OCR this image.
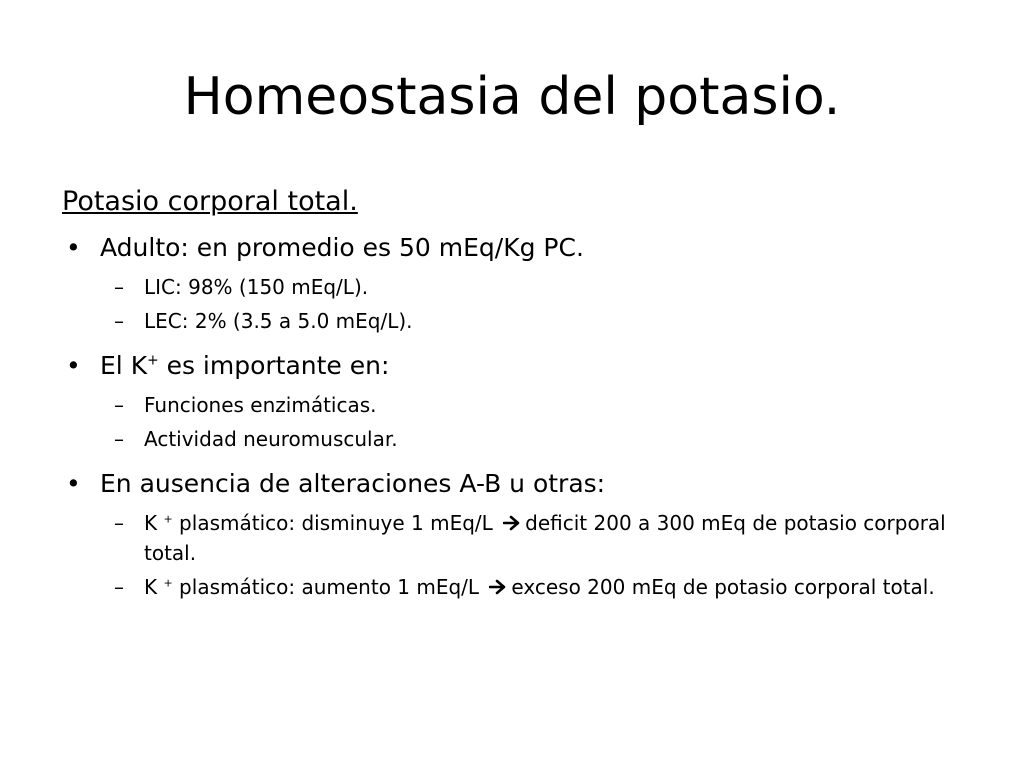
Homeostasia del potasio.
Potasio corporal total.
• Adulto: en promedio es 50 mEq/Kg PC.
– LIC: 98% (150 mEq/L).
– LEC: 2% (3.5 a 5.0 mEq/L).
• El K+ es importante en:
– Funciones enzimáticas.
– Actividad neuromuscular.
• En ausencia de alteraciones A-B u otras:
– K + plasmático: disminuye 1 mEq/L deficit 200 a 300 mEq de potasio corporal total.
– K + plasmático: aumento 1 mEq/L exceso 200 mEq de potasio corporal total.
